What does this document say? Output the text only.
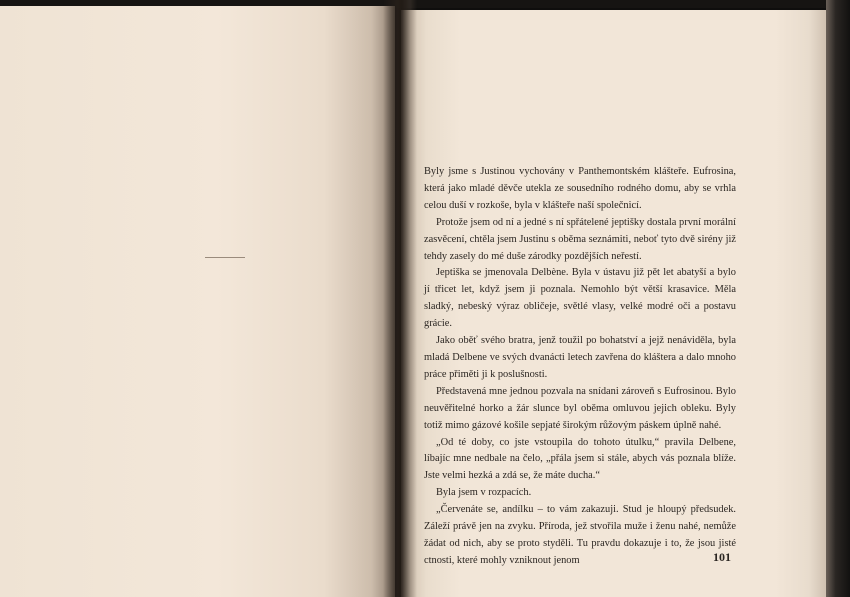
Byly jsme s Justinou vychovány v Panthemontském klášteře. Eufrosina, která jako mladé děvče utekla ze sousedního rodného domu, aby se vrhla celou duší v rozkoše, byla v klášteře naší společnicí.

Protože jsem od ní a jedné s ní spřátelené jeptišky dostala první morální zasvěcení, chtěla jsem Justinu s oběma seznámiti, neboť tyto dvě sirény již tehdy zasely do mé duše zárodky pozdějších neřestí.

Jeptiška se jmenovala Delbène. Byla v ústavu již pět let abatyší a bylo jí třicet let, když jsem ji poznala. Nemohlo být větší krasavice. Měla sladký, nebeský výraz obličeje, světlé vlasy, velké modré oči a postavu grácie.

Jako oběť svého bratra, jenž toužil po bohatství a jejž nenáviděla, byla mladá Delbene ve svých dvanácti letech zavřena do kláštera a dalo mnoho práce přiměti ji k poslušnosti.

Představená mne jednou pozvala na snídani zároveň s Eufrosinou. Bylo neuvěřitelné horko a žár slunce byl oběma omluvou jejich obleku. Byly totiž mimo gázové košile sepjaté širokým růžovým páskem úplně nahé.

„Od té doby, co jste vstoupila do tohoto útulku,“ pravila Delbene, líbajíc mne nedbale na čelo, „přála jsem si stále, abych vás poznala blíže. Jste velmi hezká a zdá se, že máte ducha.“

Byla jsem v rozpacích.

„Červenáte se, andílku – to vám zakazuji. Stud je hloupý předsudek. Záleží právě jen na zvyku. Příroda, jež stvořila muže i ženu nahé, nemůže žádat od nich, aby se proto styděli. Tu pravdu dokazuje i to, že jsou jisté ctnosti, které mohly vzniknout jenom	101
